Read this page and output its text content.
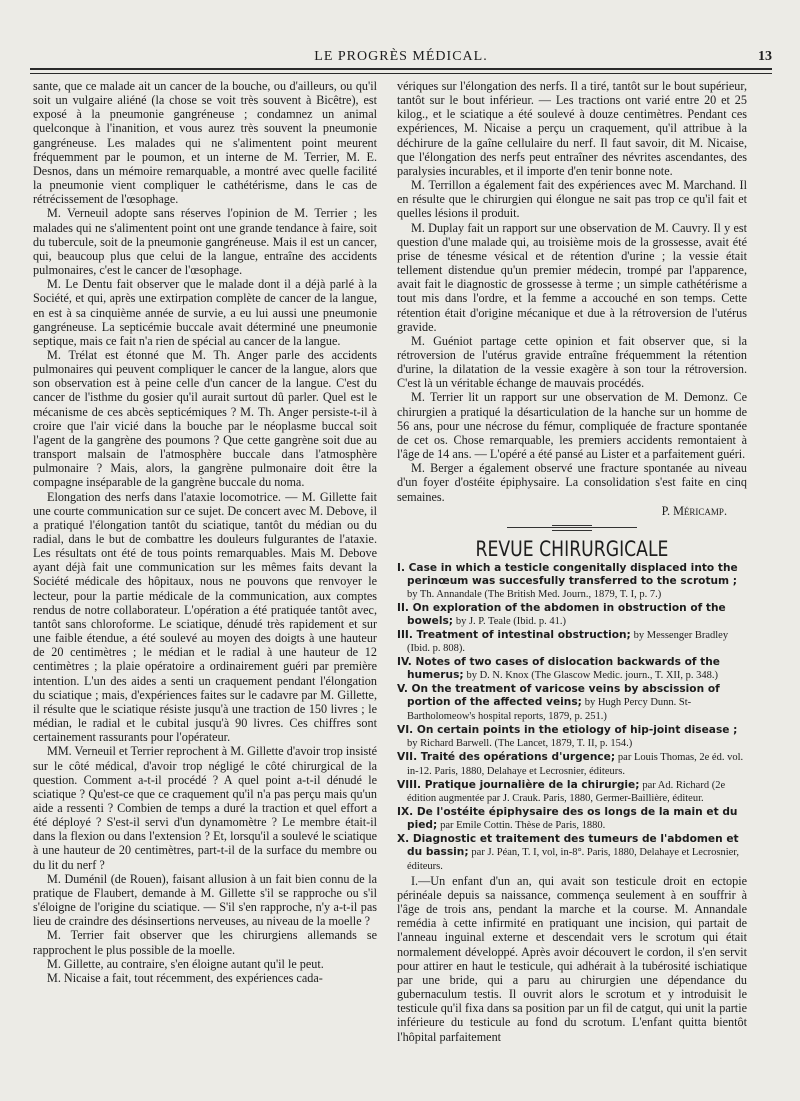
LE PROGRÈS MÉDICAL.	13

sante, que ce malade ait un cancer de la bouche, ou d'ailleurs, ou qu'il soit un vulgaire aliéné (la chose se voit très souvent à Bicêtre), est exposé à la pneumonie gangréneuse ; condamnez un animal quelconque à l'inanition, et vous aurez très souvent la pneumonie gangréneuse. Les malades qui ne s'alimentent point meurent fréquemment par le poumon, et un interne de M. Terrier, M. E. Desnos, dans un mémoire remarquable, a montré avec quelle facilité la pneumonie vient compliquer le cathétérisme, dans le cas de rétrécissement de l'œsophage.

M. Verneuil adopte sans réserves l'opinion de M. Terrier ; les malades qui ne s'alimentent point ont une grande tendance à faire, soit du tubercule, soit de la pneumonie gangréneuse. Mais il est un cancer, qui, beaucoup plus que celui de la langue, entraîne des accidents pulmonaires, c'est le cancer de l'œsophage.

M. Le Dentu fait observer que le malade dont il a déjà parlé à la Société, et qui, après une extirpation complète de cancer de la langue, en est à sa cinquième année de survie, a eu lui aussi une pneumonie gangréneuse. La septicémie buccale avait déterminé une pneumonie septique, mais ce fait n'a rien de spécial au cancer de la langue.

M. Trélat est étonné que M. Th. Anger parle des accidents pulmonaires qui peuvent compliquer le cancer de la langue, alors que son observation est à peine celle d'un cancer de la langue. C'est du cancer de l'isthme du gosier qu'il aurait surtout dû parler. Quel est le mécanisme de ces abcès septicémiques ? M. Th. Anger persiste-t-il à croire que l'air vicié dans la bouche par le néoplasme buccal soit l'agent de la gangrène des poumons ? Que cette gangrène soit due au transport malsain de l'atmosphère buccale dans l'atmosphère pulmonaire ? Mais, alors, la gangrène pulmonaire doit être la compagne inséparable de la gangrène buccale du noma.

Elongation des nerfs dans l'ataxie locomotrice. — M. Gillette fait une courte communication sur ce sujet. De concert avec M. Debove, il a pratiqué l'élongation tantôt du sciatique, tantôt du médian ou du radial, dans le but de combattre les douleurs fulgurantes de l'ataxie. Les résultats ont été de tous points remarquables. Mais M. Debove ayant déjà fait une communication sur les mêmes faits devant la Société médicale des hôpitaux, nous ne pouvons que renvoyer le lecteur, pour la partie médicale de la communication, aux comptes rendus de notre collaborateur. L'opération a été pratiquée tantôt avec, tantôt sans chloroforme. Le sciatique, dénudé très rapidement et sur une faible étendue, a été soulevé au moyen des doigts à une hauteur de 20 centimètres ; le médian et le radial à une hauteur de 12 centimètres ; la plaie opératoire a ordinairement guéri par première intention. L'un des aides a senti un craquement pendant l'élongation du sciatique ; mais, d'expériences faites sur le cadavre par M. Gillette, il résulte que le sciatique résiste jusqu'à une traction de 150 livres ; le médian, le radial et le cubital jusqu'à 90 livres. Ces chiffres sont certainement rassurants pour l'opérateur.

MM. Verneuil et Terrier reprochent à M. Gillette d'avoir trop insisté sur le côté médical, d'avoir trop négligé le côté chirurgical de la question. Comment a-t-il procédé ? A quel point a-t-il dénudé le sciatique ? Qu'est-ce que ce craquement qu'il n'a pas perçu mais qu'un aide a ressenti ? Combien de temps a duré la traction et quel effort a été déployé ? S'est-il servi d'un dynamomètre ? Le membre était-il dans la flexion ou dans l'extension ? Et, lorsqu'il a soulevé le sciatique à une hauteur de 20 centimètres, part-t-il de la surface du membre ou du lit du nerf ?

M. Duménil (de Rouen), faisant allusion à un fait bien connu de la pratique de Flaubert, demande à M. Gillette s'il se rapproche ou s'il s'éloigne de l'origine du sciatique. — S'il s'en rapproche, n'y a-t-il pas lieu de craindre des désinsertions nerveuses, au niveau de la moelle ?

M. Terrier fait observer que les chirurgiens allemands se rapprochent le plus possible de la moelle.

M. Gillette, au contraire, s'en éloigne autant qu'il le peut.

M. Nicaise a fait, tout récemment, des expériences cada-

vériques sur l'élongation des nerfs. Il a tiré, tantôt sur le bout supérieur, tantôt sur le bout inférieur. — Les tractions ont varié entre 20 et 25 kilog., et le sciatique a été soulevé à douze centimètres. Pendant ces expériences, M. Nicaise a perçu un craquement, qu'il attribue à la déchirure de la gaîne cellulaire du nerf. Il faut savoir, dit M. Nicaise, que l'élongation des nerfs peut entraîner des névrites ascendantes, des paralysies incurables, et il importe d'en tenir bonne note.

M. Terrillon a également fait des expériences avec M. Marchand. Il en résulte que le chirurgien qui élongue ne sait pas trop ce qu'il fait et quelles lésions il produit.

M. Duplay fait un rapport sur une observation de M. Cauvry. Il y est question d'une malade qui, au troisième mois de la grossesse, avait été prise de ténesme vésical et de rétention d'urine ; la vessie était tellement distendue qu'un premier médecin, trompé par l'apparence, avait fait le diagnostic de grossesse à terme ; un simple cathétérisme a tout mis dans l'ordre, et la femme a accouché en son temps. Cette rétention était d'origine mécanique et due à la rétroversion de l'utérus gravide.

M. Guéniot partage cette opinion et fait observer que, si la rétroversion de l'utérus gravide entraîne fréquemment la rétention d'urine, la dilatation de la vessie exagère à son tour la rétroversion. C'est là un véritable échange de mauvais procédés.

M. Terrier lit un rapport sur une observation de M. Demonz. Ce chirurgien a pratiqué la désarticulation de la hanche sur un homme de 56 ans, pour une nécrose du fémur, compliquée de fracture spontanée de cet os. Chose remarquable, les premiers accidents remontaient à l'âge de 14 ans. — L'opéré a été pansé au Lister et a parfaitement guéri.

M. Berger a également observé une fracture spontanée au niveau d'un foyer d'ostéite épiphysaire. La consolidation s'est faite en cinq semaines.

P. Méricamp.

REVUE CHIRURGICALE
I. Case in which a testicle congenitally displaced into the perinœum was succesfully transferred to the scrotum ; by Th. Annandale (The British Med. Journ., 1879, T. I, p. 7.)
II. On exploration of the abdomen in obstruction of the bowels; by J. P. Teale (Ibid. p. 41.)
III. Treatment of intestinal obstruction; by Messenger Bradley (Ibid. p. 808).
IV. Notes of two cases of dislocation backwards of the humerus; by D. N. Knox (The Glascow Medic. journ., T. XII, p. 348.)
V. On the treatment of varicose veins by abscission of portion of the affected veins; by Hugh Percy Dunn. St-Bartholomeow's hospital reports, 1879, p. 251.)
VI. On certain points in the etiology of hip-joint disease ; by Richard Barwell. (The Lancet, 1879, T. II, p. 154.)
VII. Traité des opérations d'urgence; par Louis Thomas, 2e éd. vol. in-12. Paris, 1880, Delahaye et Lecrosnier, éditeurs.
VIII. Pratique journalière de la chirurgie; par Ad. Richard (2e édition augmentée par J. Crauk. Paris, 1880, Germer-Baillière, éditeur.
IX. De l'ostéite épiphysaire des os longs de la main et du pied; par Emile Cottin. Thèse de Paris, 1880.
X. Diagnostic et traitement des tumeurs de l'abdomen et du bassin; par J. Péan, T. I, vol, in-8°. Paris, 1880, Delahaye et Lecrosnier, éditeurs.

I.—Un enfant d'un an, qui avait son testicule droit en ectopie périnéale depuis sa naissance, commença seulement à en souffrir à l'âge de trois ans, pendant la marche et la course. M. Annandale remédia à cette infirmité en pratiquant une incision, qui partait de l'anneau inguinal externe et descendait vers le scrotum qui était normalement développé. Après avoir découvert le cordon, il s'en servit pour attirer en haut le testicule, qui adhérait à la tubérosité ischiatique par une bride, qui a paru au chirurgien une dépendance du gubernaculum testis. Il ouvrit alors le scrotum et y introduisit le testicule qu'il fixa dans sa position par un fil de catgut, qui unit la partie inférieure du testicule au fond du scrotum. L'enfant quitta bientôt l'hôpital parfaitement
